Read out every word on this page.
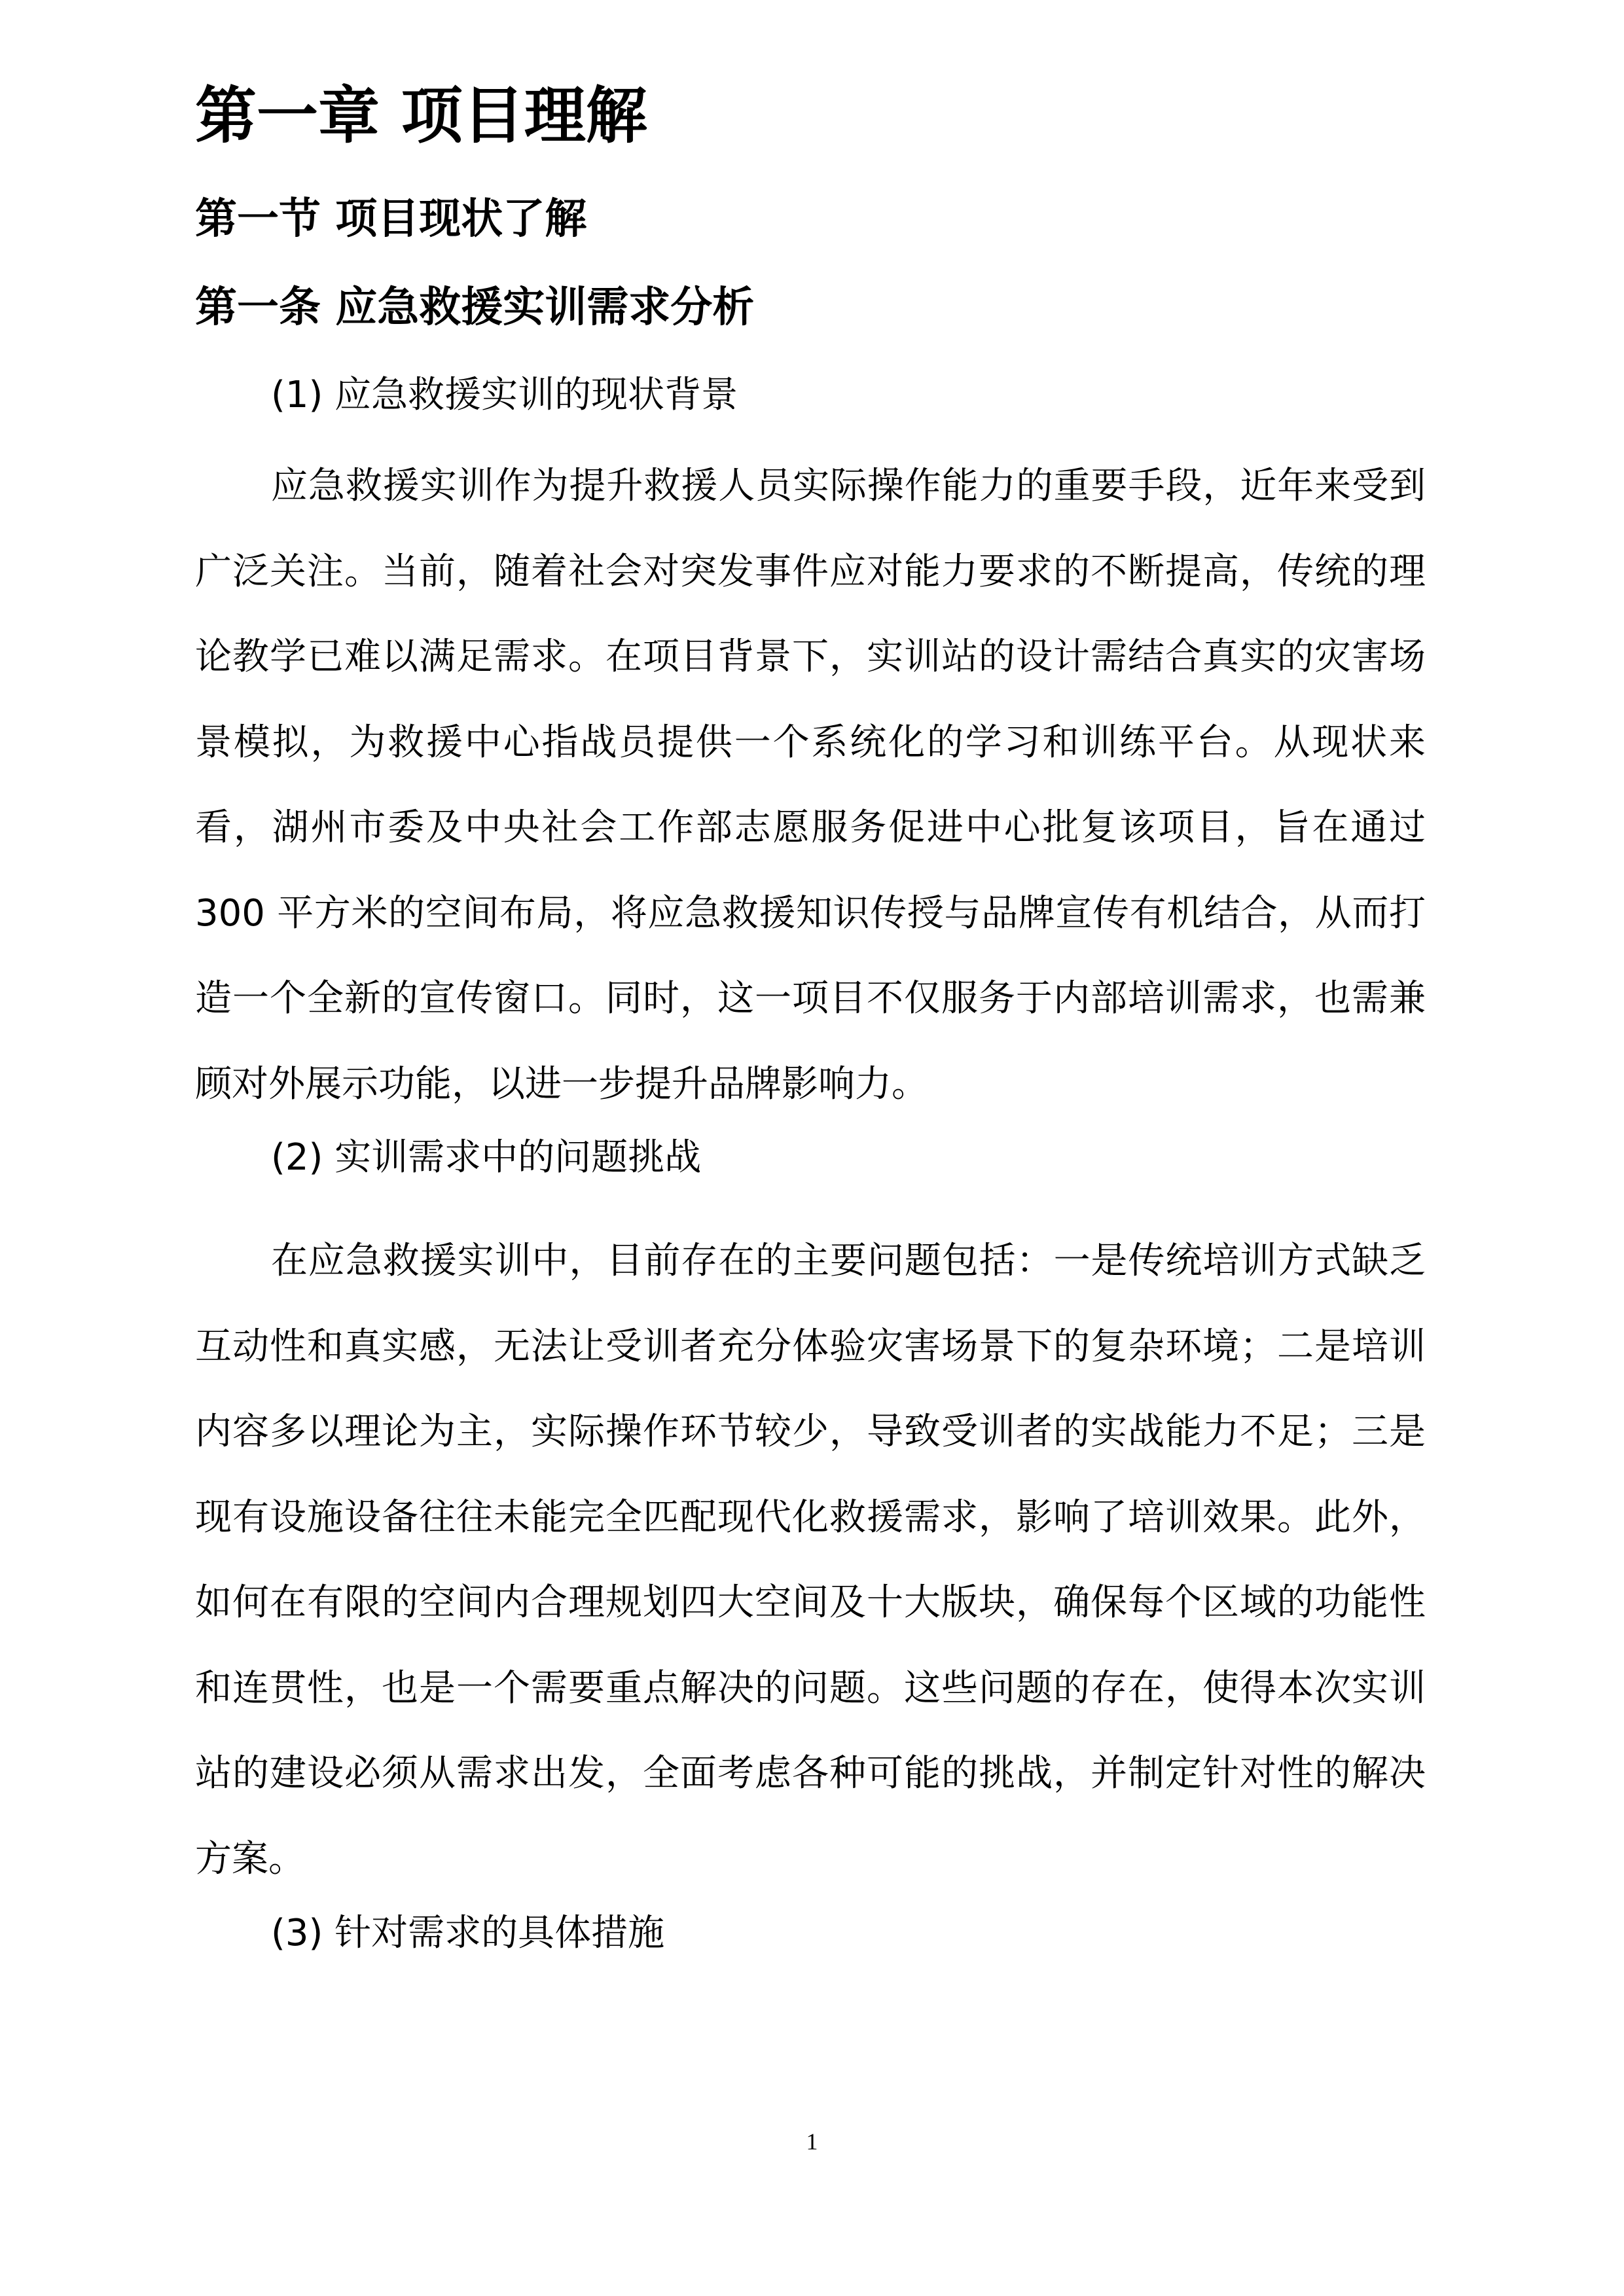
第一章 项目理解
第一节 项目现状了解
第一条 应急救援实训需求分析

(1) 应急救援实训的现状背景

应急救援实训作为提升救援人员实际操作能力的重要手段，近年来受到广泛关注。当前，随着社会对突发事件应对能力要求的不断提高，传统的理论教学已难以满足需求。在项目背景下，实训站的设计需结合真实的灾害场景模拟，为救援中心指战员提供一个系统化的学习和训练平台。从现状来看，湖州市委及中央社会工作部志愿服务促进中心批复该项目，旨在通过 300 平方米的空间布局，将应急救援知识传授与品牌宣传有机结合，从而打造一个全新的宣传窗口。同时，这一项目不仅服务于内部培训需求，也需兼顾对外展示功能，以进一步提升品牌影响力。

(2) 实训需求中的问题挑战

在应急救援实训中，目前存在的主要问题包括：一是传统培训方式缺乏互动性和真实感，无法让受训者充分体验灾害场景下的复杂环境；二是培训内容多以理论为主，实际操作环节较少，导致受训者的实战能力不足；三是现有设施设备往往未能完全匹配现代化救援需求，影响了培训效果。此外，如何在有限的空间内合理规划四大空间及十大版块，确保每个区域的功能性和连贯性，也是一个需要重点解决的问题。这些问题的存在，使得本次实训站的建设必须从需求出发，全面考虑各种可能的挑战，并制定针对性的解决方案。

(3) 针对需求的具体措施

1
